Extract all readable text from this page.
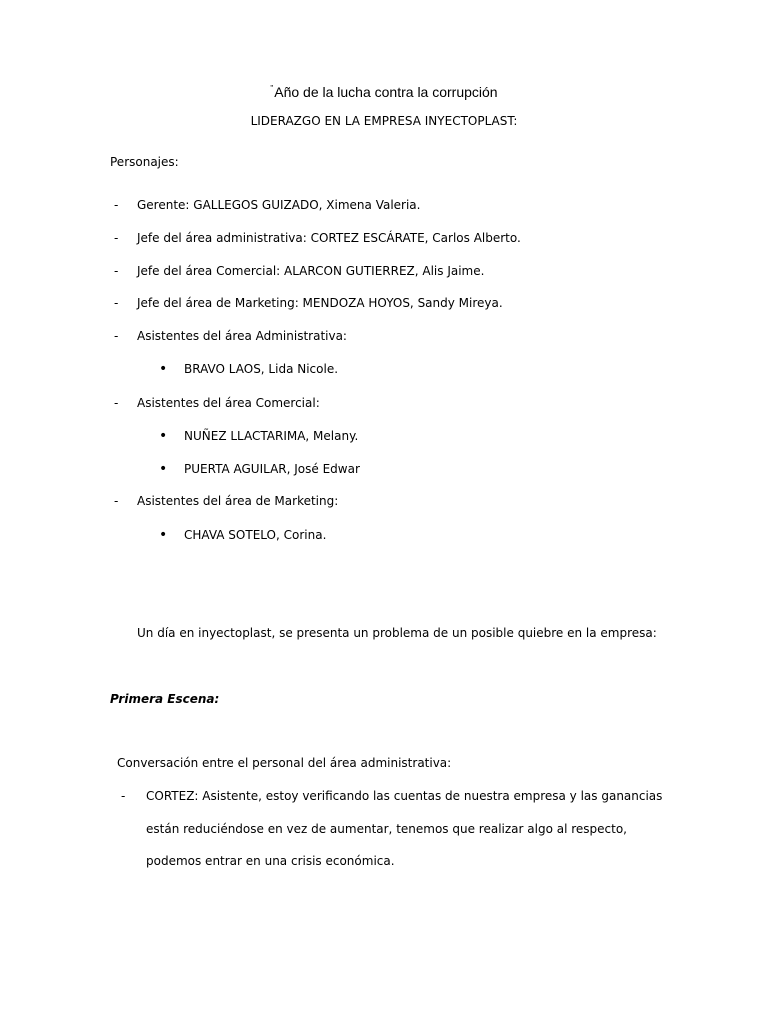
"Año de la lucha contra la corrupción
LIDERAZGO EN LA EMPRESA INYECTOPLAST:
Personajes:
- Gerente: GALLEGOS GUIZADO, Ximena Valeria.
- Jefe del área administrativa: CORTEZ ESCÁRATE, Carlos Alberto.
- Jefe del área Comercial: ALARCON GUTIERREZ, Alis Jaime.
- Jefe del área de Marketing: MENDOZA HOYOS, Sandy Mireya.
- Asistentes del área Administrativa:
• BRAVO LAOS, Lida Nicole.
- Asistentes del área Comercial:
• NUÑEZ LLACTARIMA, Melany.
• PUERTA AGUILAR, José Edwar
- Asistentes del área de Marketing:
• CHAVA SOTELO, Corina.
Un día en inyectoplast, se presenta un problema de un posible quiebre en la empresa:
Primera Escena:
Conversación entre el personal del área administrativa:
- CORTEZ: Asistente, estoy verificando las cuentas de nuestra empresa y las ganancias
están reduciéndose en vez de aumentar, tenemos que realizar algo al respecto,
podemos entrar en una crisis económica.
